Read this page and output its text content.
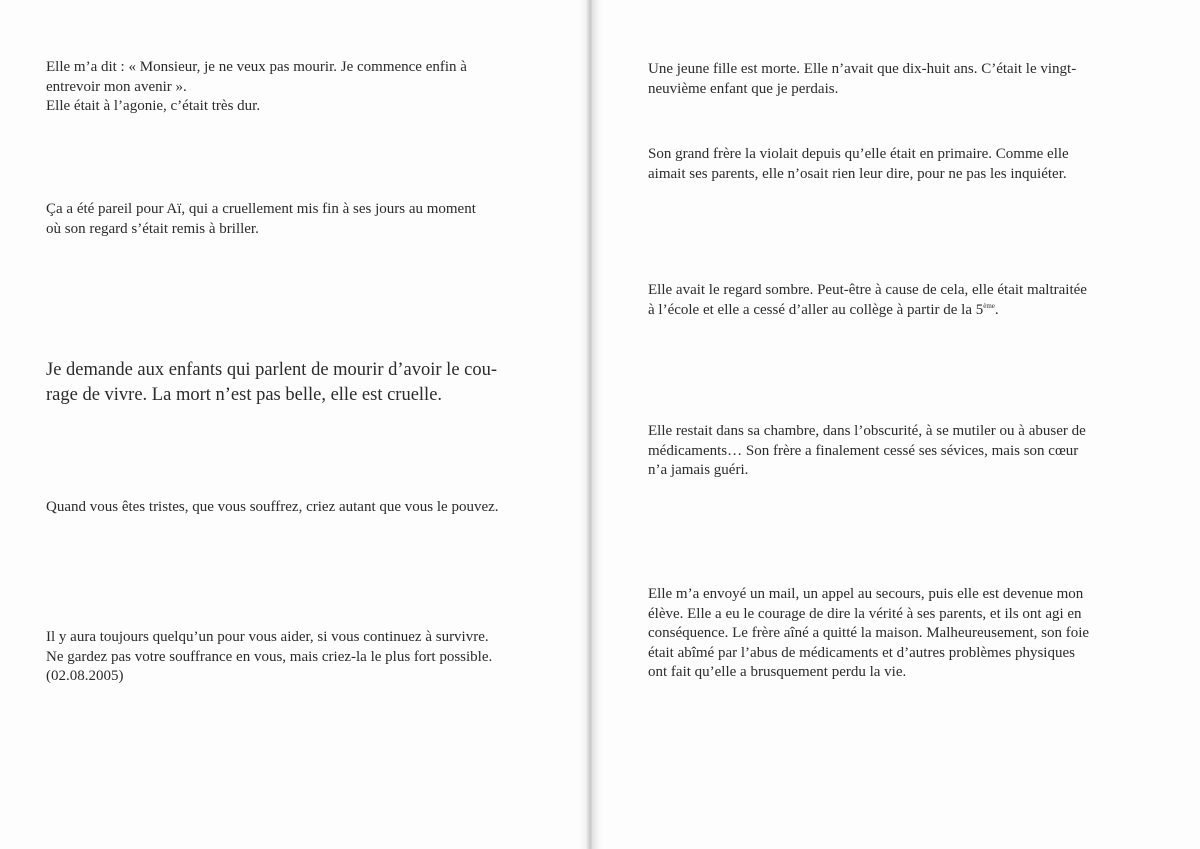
Elle m’a dit : « Monsieur, je ne veux pas mourir. Je commence enfin à
entrevoir mon avenir ».
Elle était à l’agonie, c’était très dur.

Ça a été pareil pour Aï, qui a cruellement mis fin à ses jours au moment
où son regard s’était remis à briller.

Je demande aux enfants qui parlent de mourir d’avoir le cou-
rage de vivre. La mort n’est pas belle, elle est cruelle.

Quand vous êtes tristes, que vous souffrez, criez autant que vous le pouvez.

Il y aura toujours quelqu’un pour vous aider, si vous continuez à survivre.
Ne gardez pas votre souffrance en vous, mais criez-la le plus fort possible.
(02.08.2005)

Une jeune fille est morte. Elle n’avait que dix-huit ans. C’était le vingt-
neuvième enfant que je perdais.

Son grand frère la violait depuis qu’elle était en primaire. Comme elle
aimait ses parents, elle n’osait rien leur dire, pour ne pas les inquiéter.

Elle avait le regard sombre. Peut-être à cause de cela, elle était maltraitée
à l’école et elle a cessé d’aller au collège à partir de la 5ème.

Elle restait dans sa chambre, dans l’obscurité, à se mutiler ou à abuser de
médicaments… Son frère a finalement cessé ses sévices, mais son cœur
n’a jamais guéri.

Elle m’a envoyé un mail, un appel au secours, puis elle est devenue mon
élève. Elle a eu le courage de dire la vérité à ses parents, et ils ont agi en
conséquence. Le frère aîné a quitté la maison. Malheureusement, son foie
était abîmé par l’abus de médicaments et d’autres problèmes physiques
ont fait qu’elle a brusquement perdu la vie.
